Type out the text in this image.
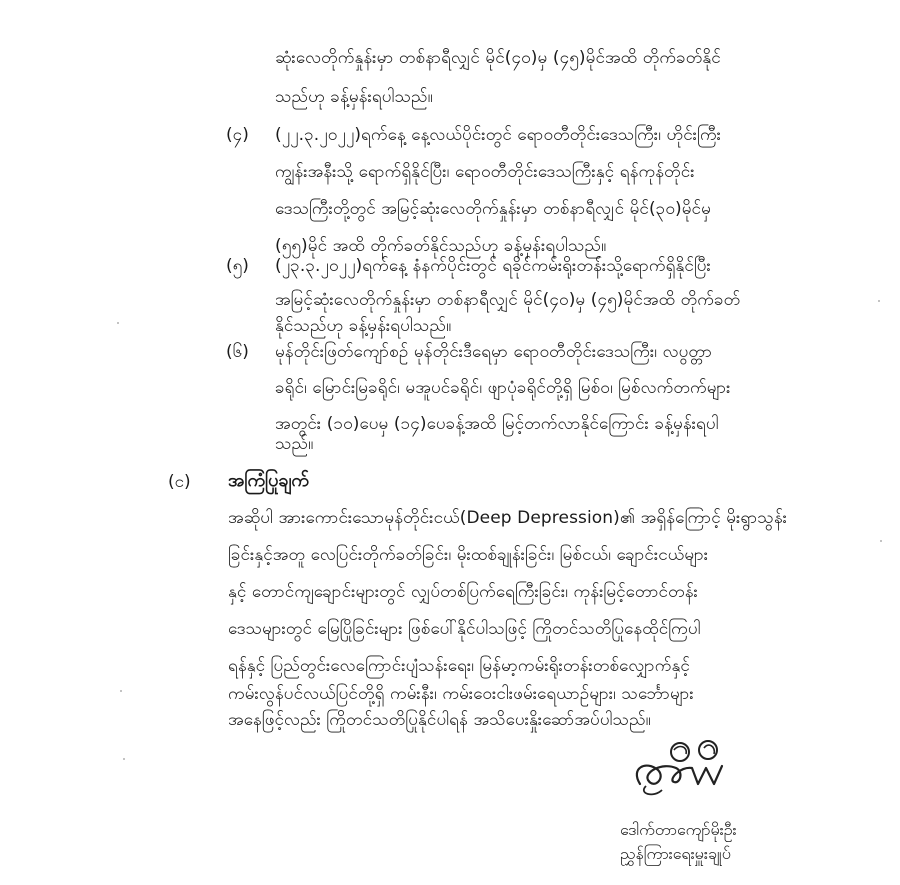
ဆုံးလေတိုက်နှုန်းမှာ တစ်နာရီလျှင် မိုင်(၄၀)မှ (၄၅)မိုင်အထိ တိုက်ခတ်နိုင်
သည်ဟု ခန့်မှန်းရပါသည်။
(၄) (၂၂.၃.၂၀၂၂)ရက်နေ့ နေ့လယ်ပိုင်းတွင် ရောဝတီတိုင်းဒေသကြီး၊ ဟိုင်းကြီး
ကျွန်းအနီးသို့ ရောက်ရှိနိုင်ပြီး၊ ရောဝတီတိုင်းဒေသကြီးနှင့် ရန်ကုန်တိုင်း
ဒေသကြီးတို့တွင် အမြင့်ဆုံးလေတိုက်နှုန်းမှာ တစ်နာရီလျှင် မိုင်(၃၀)မိုင်မှ
(၅၅)မိုင် အထိ တိုက်ခတ်နိုင်သည်ဟု ခန့်မှန်းရပါသည်။
(၅) (၂၃.၃.၂၀၂၂)ရက်နေ့ နံနက်ပိုင်းတွင် ရခိုင်ကမ်းရိုးတန်းသို့ရောက်ရှိနိုင်ပြီး
အမြင့်ဆုံးလေတိုက်နှုန်းမှာ တစ်နာရီလျှင် မိုင်(၄၀)မှ (၄၅)မိုင်အထိ တိုက်ခတ်
နိုင်သည်ဟု ခန့်မှန်းရပါသည်။
(၆) မုန်တိုင်းဖြတ်ကျော်စဉ် မုန်တိုင်းဒီရေမှာ ရောဝတီတိုင်းဒေသကြီး၊ လပွတ္တာ
ခရိုင်၊ မြောင်းမြခရိုင်၊ မအူပင်ခရိုင်၊ ဖျာပုံခရိုင်တို့ရှိ မြစ်ဝ၊ မြစ်လက်တက်များ
အတွင်း (၁၀)ပေမှ (၁၄)ပေခန့်အထိ မြင့်တက်လာနိုင်ကြောင်း ခန့်မှန်းရပါ
သည်။
(င) အကြံပြုချက်
အဆိုပါ အားကောင်းသောမုန်တိုင်းငယ်(Deep Depression)၏ အရှိန်ကြောင့် မိုးရွာသွန်း
ခြင်းနှင့်အတူ လေပြင်းတိုက်ခတ်ခြင်း၊ မိုးထစ်ချုန်းခြင်း၊ မြစ်ငယ်၊ ချောင်းငယ်များ
နှင့် တောင်ကျချောင်းများတွင် လျှပ်တစ်ပြက်ရေကြီးခြင်း၊ ကုန်းမြင့်တောင်တန်း
ဒေသများတွင် မြေပြိုခြင်းများ ဖြစ်ပေါ်နိုင်ပါသဖြင့် ကြိုတင်သတိပြုနေထိုင်ကြပါ
ရန်နှင့် ပြည်တွင်းလေကြောင်းပျံသန်းရေး၊ မြန်မာ့ကမ်းရိုးတန်းတစ်လျှောက်နှင့်
ကမ်းလွန်ပင်လယ်ပြင်တို့ရှိ ကမ်းနီး၊ ကမ်းဝေးငါးဖမ်းရေယာဉ်များ၊ သင်္ဘောများ
အနေဖြင့်လည်း ကြိုတင်သတိပြုနိုင်ပါရန် အသိပေးနှိုးဆော်အပ်ပါသည်။
ဒေါက်တာကျော်မိုးဦး
ညွှန်ကြားရေးမှူးချုပ်
